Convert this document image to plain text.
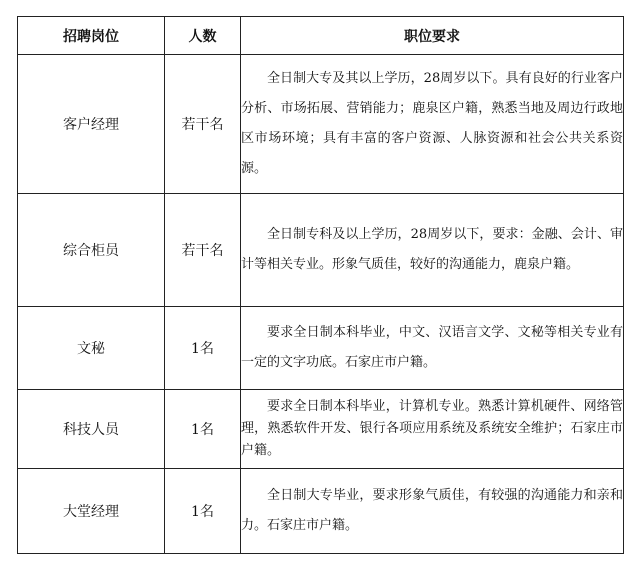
招聘岗位	人数	职位要求
客户经理	若干名	全日制大专及其以上学历，28周岁以下。具有良好的行业客户分析、市场拓展、营销能力；鹿泉区户籍，熟悉当地及周边行政地区市场环境；具有丰富的客户资源、人脉资源和社会公共关系资源。

综合柜员	若干名	全日制专科及以上学历，28周岁以下，要求：金融、会计、审计等相关专业。形象气质佳，较好的沟通能力，鹿泉户籍。

文秘	1名	要求全日制本科毕业，中文、汉语言文学、文秘等相关专业有一定的文字功底。石家庄市户籍。

科技人员	1名	要求全日制本科毕业，计算机专业。熟悉计算机硬件、网络管理，熟悉软件开发、银行各项应用系统及系统安全维护；石家庄市户籍。

大堂经理	1名	全日制大专毕业，要求形象气质佳，有较强的沟通能力和亲和力。石家庄市户籍。
